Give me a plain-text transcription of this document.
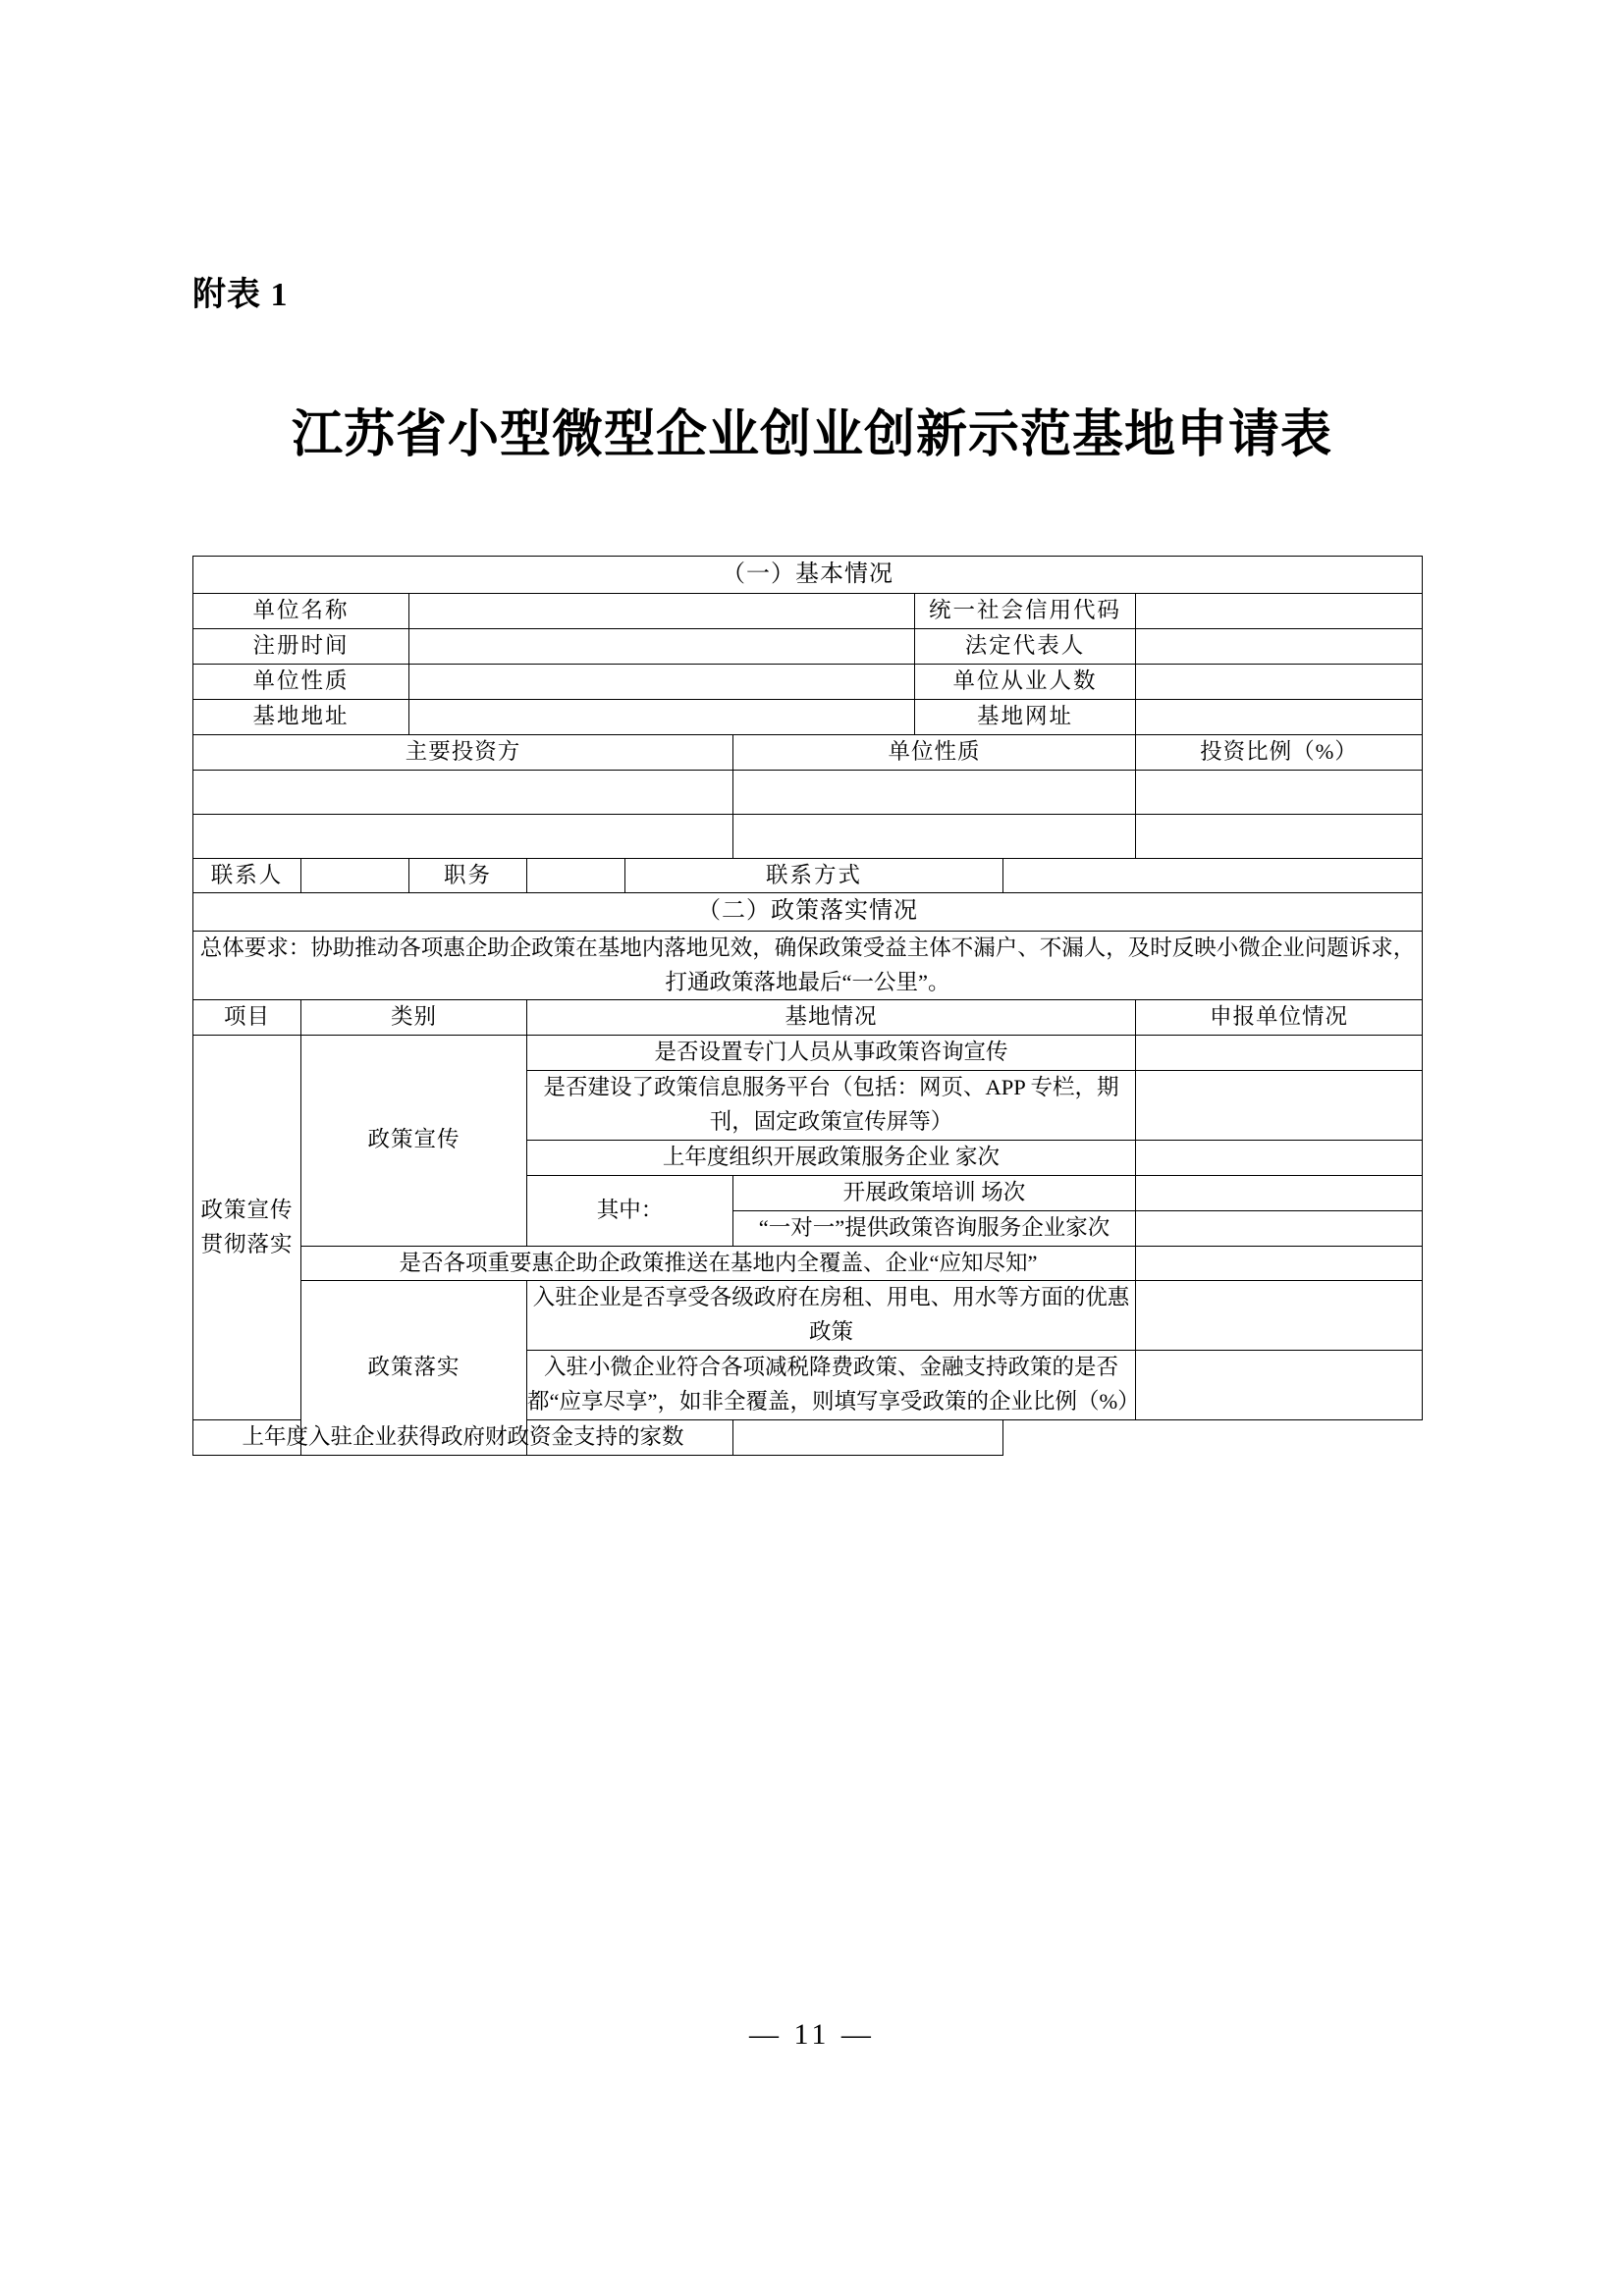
附表 1
江苏省小型微型企业创业创新示范基地申请表
（一）基本情况								
单位名称						统一社会信用代码		
注册时间						法定代表人		
单位性质						单位从业人数		
基地地址						基地网址		
主要投资方					单位性质			投资比例（%）

联系人		职务		联系方式				
（二）政策落实情况								
总体要求：协助推动各项惠企助企政策在基地内落地见效，确保政策受益主体不漏户、不漏人，及时反映小微企业问题诉求，打通政策落地最后“一公里”。								
项目	类别		基地情况					申报单位情况
政策宣传贯彻落实	政策宣传		是否设置专门人员从事政策咨询宣传					
			是否建设了政策信息服务平台（包括：网页、APP 专栏，期刊，固定政策宣传屏等）					
			上年度组织开展政策服务企业 家次					
			其中：		开展政策培训 场次			
					“一对一”提供政策咨询服务企业家次			
	是否各项重要惠企助企政策推送在基地内全覆盖、企业“应知尽知”							
	政策落实		入驻企业是否享受各级政府在房租、用电、用水等方面的优惠政策					
			入驻小微企业符合各项减税降费政策、金融支持政策的是否都“应享尽享”，如非全覆盖，则填写享受政策的企业比例（%）					
上年度入驻企业获得政府财政资金支持的家数								
— 11 —
